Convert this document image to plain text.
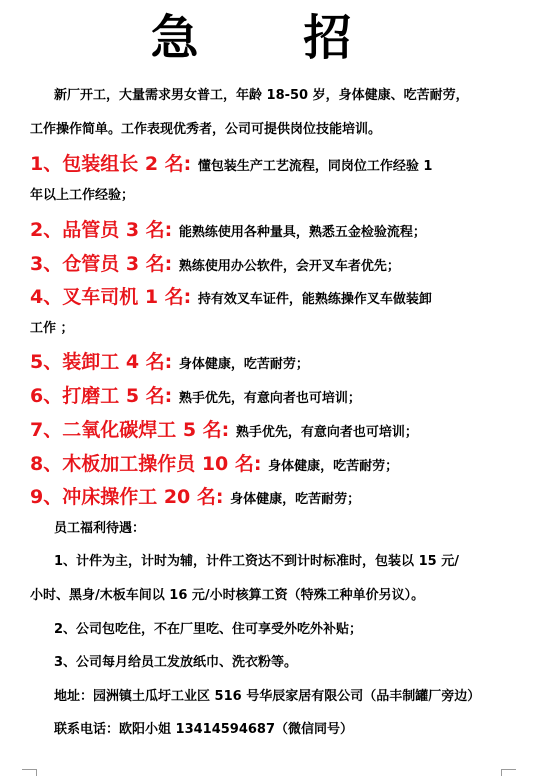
急 招
新厂开工，大量需求男女普工，年龄 18-50 岁，身体健康、吃苦耐劳，
工作操作简单。工作表现优秀者，公司可提供岗位技能培训。
1、包装组长 2 名: 懂包装生产工艺流程，同岗位工作经验 1
年以上工作经验；
2、品管员 3 名: 能熟练使用各种量具，熟悉五金检验流程；
3、仓管员 3 名: 熟练使用办公软件，会开叉车者优先；
4、叉车司机 1 名: 持有效叉车证件，能熟练操作叉车做装卸
工作 ；
5、装卸工 4 名: 身体健康，吃苦耐劳；
6、打磨工 5 名: 熟手优先，有意向者也可培训；
7、二氧化碳焊工 5 名: 熟手优先，有意向者也可培训；
8、木板加工操作员 10 名: 身体健康，吃苦耐劳；
9、冲床操作工 20 名: 身体健康，吃苦耐劳；
员工福利待遇：
1、计件为主，计时为辅，计件工资达不到计时标准时，包装以 15 元/
小时、黑身/木板车间以 16 元/小时核算工资（特殊工种单价另议）。
2、公司包吃住，不在厂里吃、住可享受外吃外补贴；
3、公司每月给员工发放纸巾、洗衣粉等。
地址：园洲镇土瓜圩工业区 516 号华辰家居有限公司（品丰制罐厂旁边）
联系电话：欧阳小姐 13414594687（微信同号）
